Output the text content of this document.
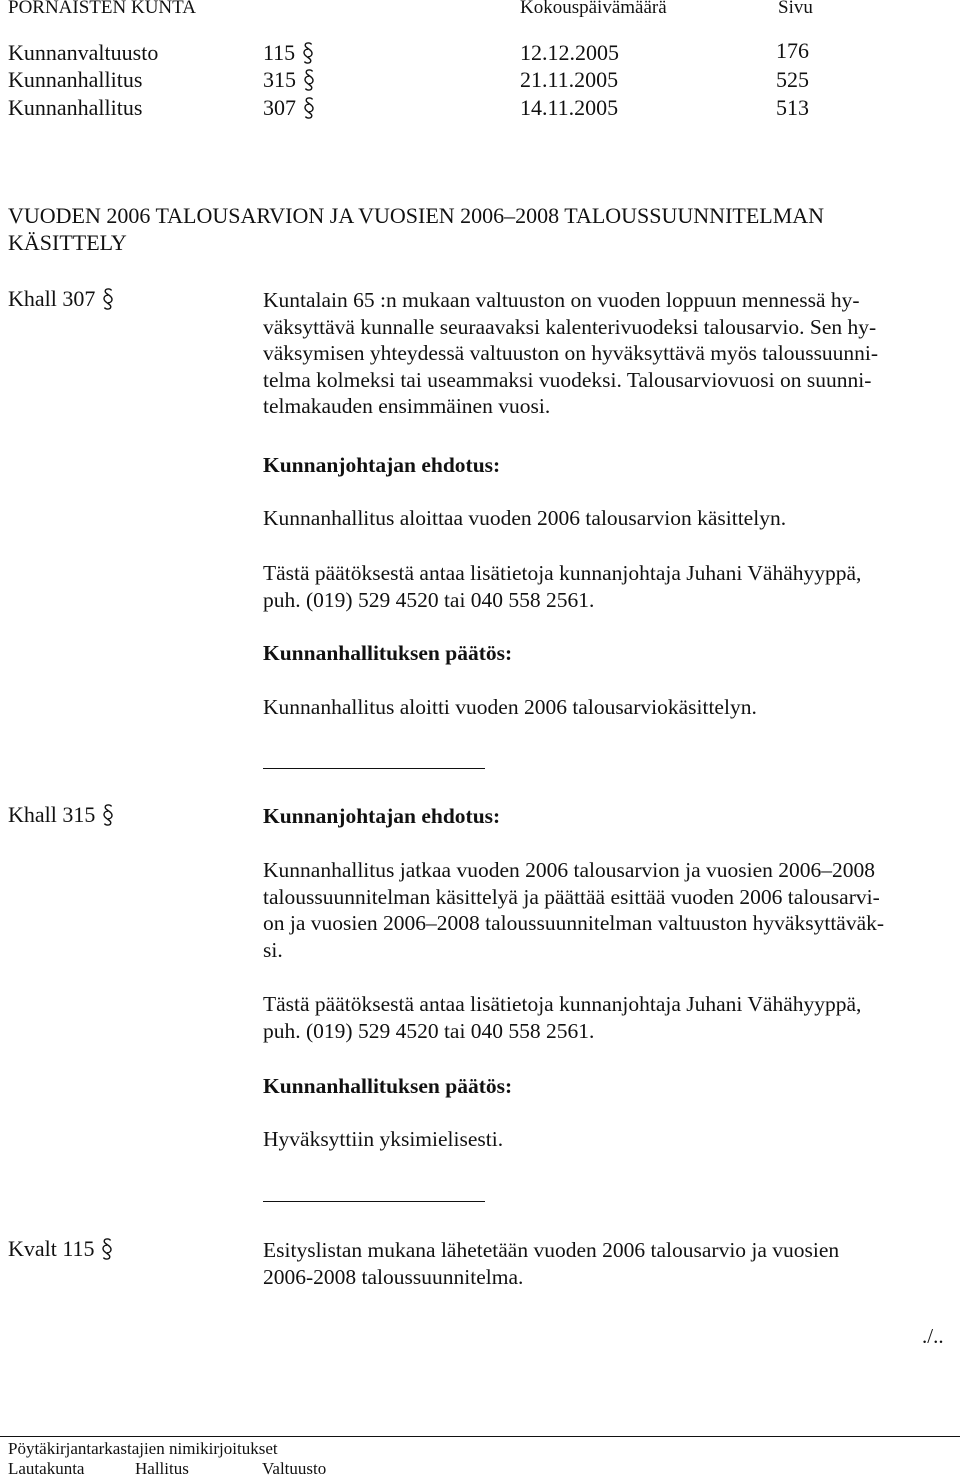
PORNAISTEN KUNTA	Kokouspäivämäärä	Sivu
Kunnanvaltuusto	115	12.12.2005	176
Kunnanhallitus	315	21.11.2005	525
Kunnanhallitus	307	14.11.2005	513
VUODEN 2006 TALOUSARVION JA VUOSIEN 2006–2008 TALOUSSUUNNITELMAN
KÄSITTELY
Khall 307	Kuntalain 65 :n mukaan valtuuston on vuoden loppuun mennessä hy-
väksyttävä kunnalle seuraavaksi kalenterivuodeksi talousarvio. Sen hy-
väksymisen yhteydessä valtuuston on hyväksyttävä myös taloussuunni-
telma kolmeksi tai useammaksi vuodeksi. Talousarviovuosi on suunni-
telmakauden ensimmäinen vuosi.
Kunnanjohtajan ehdotus:
Kunnanhallitus aloittaa vuoden 2006 talousarvion käsittelyn.
Tästä päätöksestä antaa lisätietoja kunnanjohtaja Juhani Vähähyyppä,
puh. (019) 529 4520 tai 040 558 2561.
Kunnanhallituksen päätös:
Kunnanhallitus aloitti vuoden 2006 talousarviokäsittelyn.
Khall 315	Kunnanjohtajan ehdotus:
Kunnanhallitus jatkaa vuoden 2006 talousarvion ja vuosien 2006–2008
taloussuunnitelman käsittelyä ja päättää esittää vuoden 2006 talousarvi-
on ja vuosien 2006–2008 taloussuunnitelman valtuuston hyväksyttäväk-
si.
Tästä päätöksestä antaa lisätietoja kunnanjohtaja Juhani Vähähyyppä,
puh. (019) 529 4520 tai 040 558 2561.
Kunnanhallituksen päätös:
Hyväksyttiin yksimielisesti.
Kvalt 115	Esityslistan mukana lähetetään vuoden 2006 talousarvio ja vuosien
2006-2008 taloussuunnitelma.
./..
Pöytäkirjantarkastajien nimikirjoitukset
Lautakunta	Hallitus	Valtuusto
